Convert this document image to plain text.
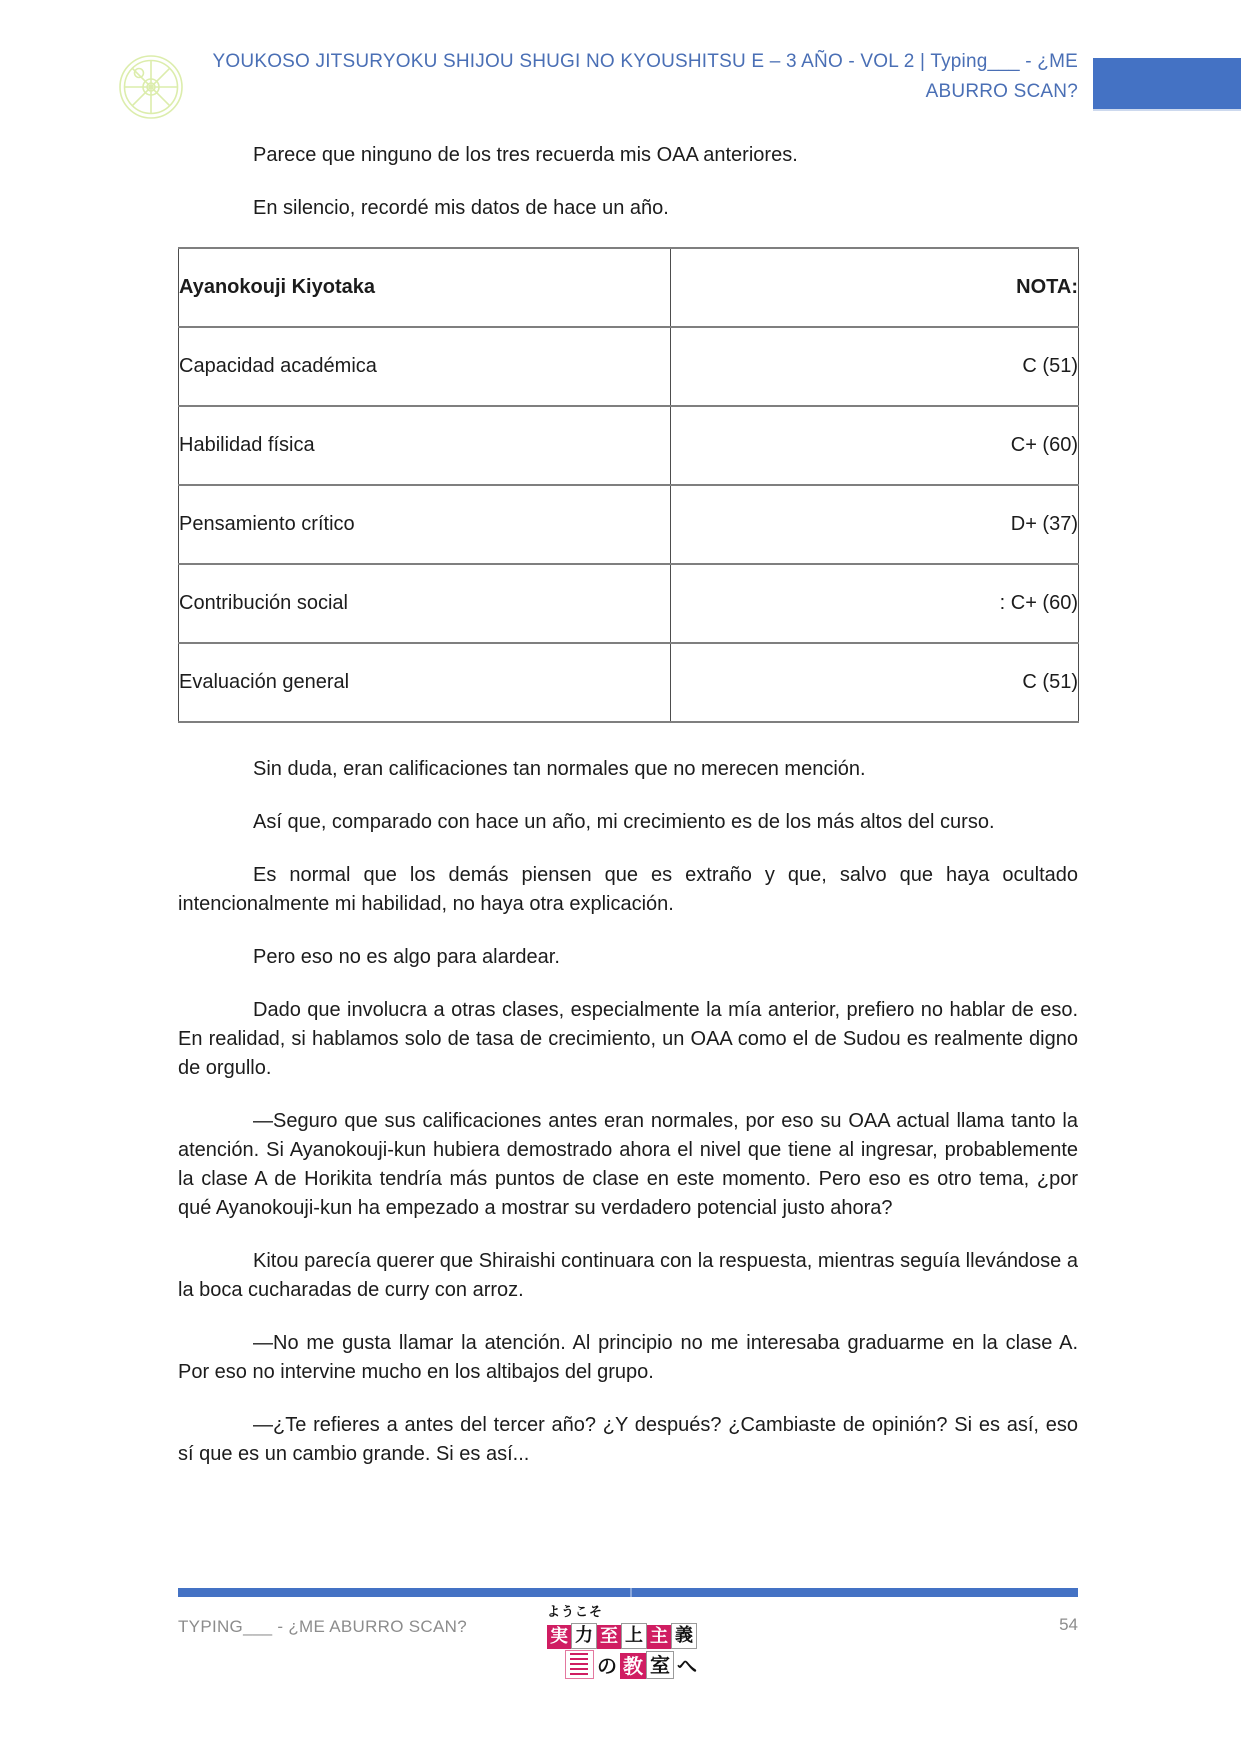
YOUKOSO JITSURYOKU SHIJOU SHUGI NO KYOUSHITSU E – 3 AÑO - VOL 2 | Typing___ - ¿ME
ABURRO SCAN?

Parece que ninguno de los tres recuerda mis OAA anteriores.

En silencio, recordé mis datos de hace un año.

Ayanokouji Kiyotaka	NOTA:
Capacidad académica	C (51)
Habilidad física	C+ (60)
Pensamiento crítico	D+ (37)
Contribución social	: C+ (60)
Evaluación general	C (51)

Sin duda, eran calificaciones tan normales que no merecen mención.

Así que, comparado con hace un año, mi crecimiento es de los más altos del curso.

Es normal que los demás piensen que es extraño y que, salvo que haya ocultado intencionalmente mi habilidad, no haya otra explicación.

Pero eso no es algo para alardear.

Dado que involucra a otras clases, especialmente la mía anterior, prefiero no hablar de eso. En realidad, si hablamos solo de tasa de crecimiento, un OAA como el de Sudou es realmente digno de orgullo.

—Seguro que sus calificaciones antes eran normales, por eso su OAA actual llama tanto la atención. Si Ayanokouji-kun hubiera demostrado ahora el nivel que tiene al ingresar, probablemente la clase A de Horikita tendría más puntos de clase en este momento. Pero eso es otro tema, ¿por qué Ayanokouji-kun ha empezado a mostrar su verdadero potencial justo ahora?

Kitou parecía querer que Shiraishi continuara con la respuesta, mientras seguía llevándose a la boca cucharadas de curry con arroz.

—No me gusta llamar la atención. Al principio no me interesaba graduarme en la clase A. Por eso no intervine mucho en los altibajos del grupo.

—¿Te refieres a antes del tercer año? ¿Y después? ¿Cambiaste de opinión? Si es así, eso sí que es un cambio grande. Si es así...

TYPING___ - ¿ME ABURRO SCAN?
ようこそ
実 力 至 上 主 義
の 教 室 へ
54
